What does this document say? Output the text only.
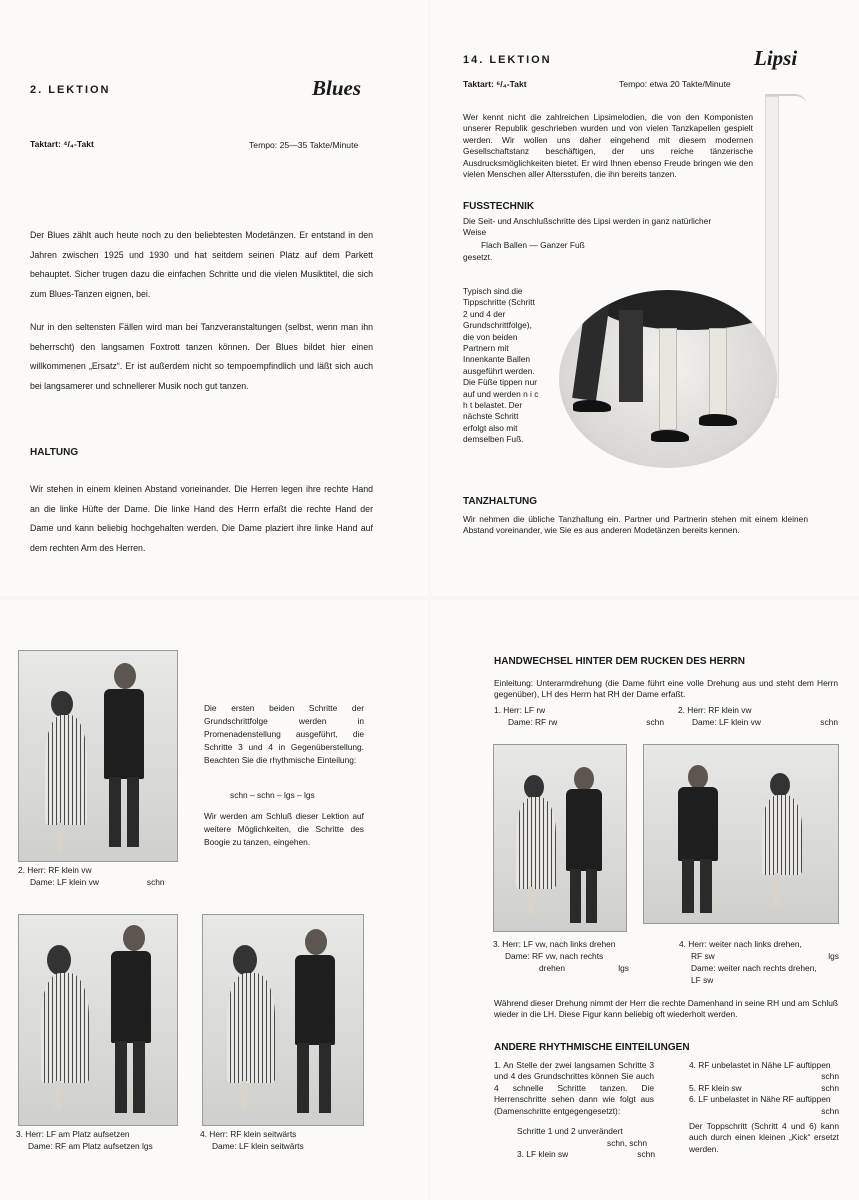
2. LEKTION	Blues
Taktart: ⁴/₄-Takt	Tempo: 25—35 Takte/Minute
Der Blues zählt auch heute noch zu den beliebtesten Modetänzen. Er entstand in den Jahren zwischen 1925 und 1930 und hat seitdem seinen Platz auf dem Parkett behauptet. Sicher trugen dazu die einfachen Schritte und die vielen Musiktitel, die sich zum Blues-Tanzen eignen, bei.
Nur in den seltensten Fällen wird man bei Tanzveranstaltungen (selbst, wenn man ihn beherrscht) den langsamen Foxtrott tanzen können. Der Blues bildet hier einen willkommenen „Ersatz“. Er ist außerdem nicht so tempoempfindlich und läßt sich auch bei langsamerer und schnellerer Musik noch gut tanzen.
HALTUNG
Wir stehen in einem kleinen Abstand voneinander. Die Herren legen ihre rechte Hand an die linke Hüfte der Dame. Die linke Hand des Herrn erfaßt die rechte Hand der Dame und kann beliebig hochgehalten werden. Die Dame plaziert ihre linke Hand auf dem rechten Arm des Herren.
14. LEKTION	Lipsi
Taktart: ⁶/₄-Takt	Tempo: etwa 20 Takte/Minute
Wer kennt nicht die zahlreichen Lipsimelodien, die von den Komponisten unserer Republik geschrieben wurden und von vielen Tanzkapellen gespielt werden. Wir wollen uns daher eingehend mit diesem modernen Gesellschaftstanz beschäftigen, der uns reiche tänzerische Ausdrucksmöglichkeiten bietet. Er wird Ihnen ebenso Freude bringen wie den vielen Menschen aller Altersstufen, die ihn bereits tanzen.
FUSSTECHNIK
Die Seit- und Anschlußschritte des Lipsi werden in ganz natürlicher Weise
Flach Ballen — Ganzer Fuß
gesetzt.
Typisch sind die Tippschritte (Schritt 2 und 4 der Grundschrittfolge), die von beiden Partnern mit Innenkante Ballen ausgeführt werden. Die Füße tippen nur auf und werden n i c h t belastet. Der nächste Schritt erfolgt also mit demselben Fuß.
TANZHALTUNG
Wir nehmen die übliche Tanzhaltung ein. Partner und Partnerin stehen mit einem kleinen Abstand voreinander, wie Sie es aus anderen Modetänzen bereits kennen.
2. Herr: RF klein vw
Dame: LF klein vw	schn
Die ersten beiden Schritte der Grundschrittfolge werden in Promenadenstellung ausgeführt, die Schritte 3 und 4 in Gegenüberstellung. Beachten Sie die rhythmische Einteilung:
schn – schn – lgs – lgs
Wir werden am Schluß dieser Lektion auf weitere Möglichkeiten, die Schritte des Boogie zu tanzen, eingehen.
3. Herr: LF am Platz aufsetzen
Dame: RF am Platz aufsetzen lgs
4. Herr: RF klein seitwärts
Dame: LF klein seitwärts
HANDWECHSEL HINTER DEM RUCKEN DES HERRN
Einleitung: Unterarmdrehung (die Dame führt eine volle Drehung aus und steht dem Herrn gegenüber), LH des Herrn hat RH der Dame erfaßt.
1. Herr: LF rw
Dame: RF rw	schn
2. Herr: RF klein vw
Dame: LF klein vw	schn
3. Herr: LF vw, nach links drehen
Dame: RF vw, nach rechts
drehen	lgs
4. Herr: weiter nach links drehen,
RF sw	lgs
Dame: weiter nach rechts drehen,
LF sw
Während dieser Drehung nimmt der Herr die rechte Damenhand in seine RH und am Schluß wieder in die LH. Diese Figur kann beliebig oft wiederholt werden.
ANDERE RHYTHMISCHE EINTEILUNGEN
1. An Stelle der zwei langsamen Schritte 3 und 4 des Grundschrittes können Sie auch 4 schnelle Schritte tanzen. Die Herrenschritte sehen dann wie folgt aus (Damenschritte entgegengesetzt):
Schritte 1 und 2 unverändert
schn, schn
3. LF klein sw	schn
4. RF unbelastet in Nähe LF auftippen
schn
5. RF klein sw	schn
6. LF unbelastet in Nähe RF auftippen
schn
Der Toppschritt (Schritt 4 und 6) kann auch durch einen kleinen „Kick“ ersetzt werden.
